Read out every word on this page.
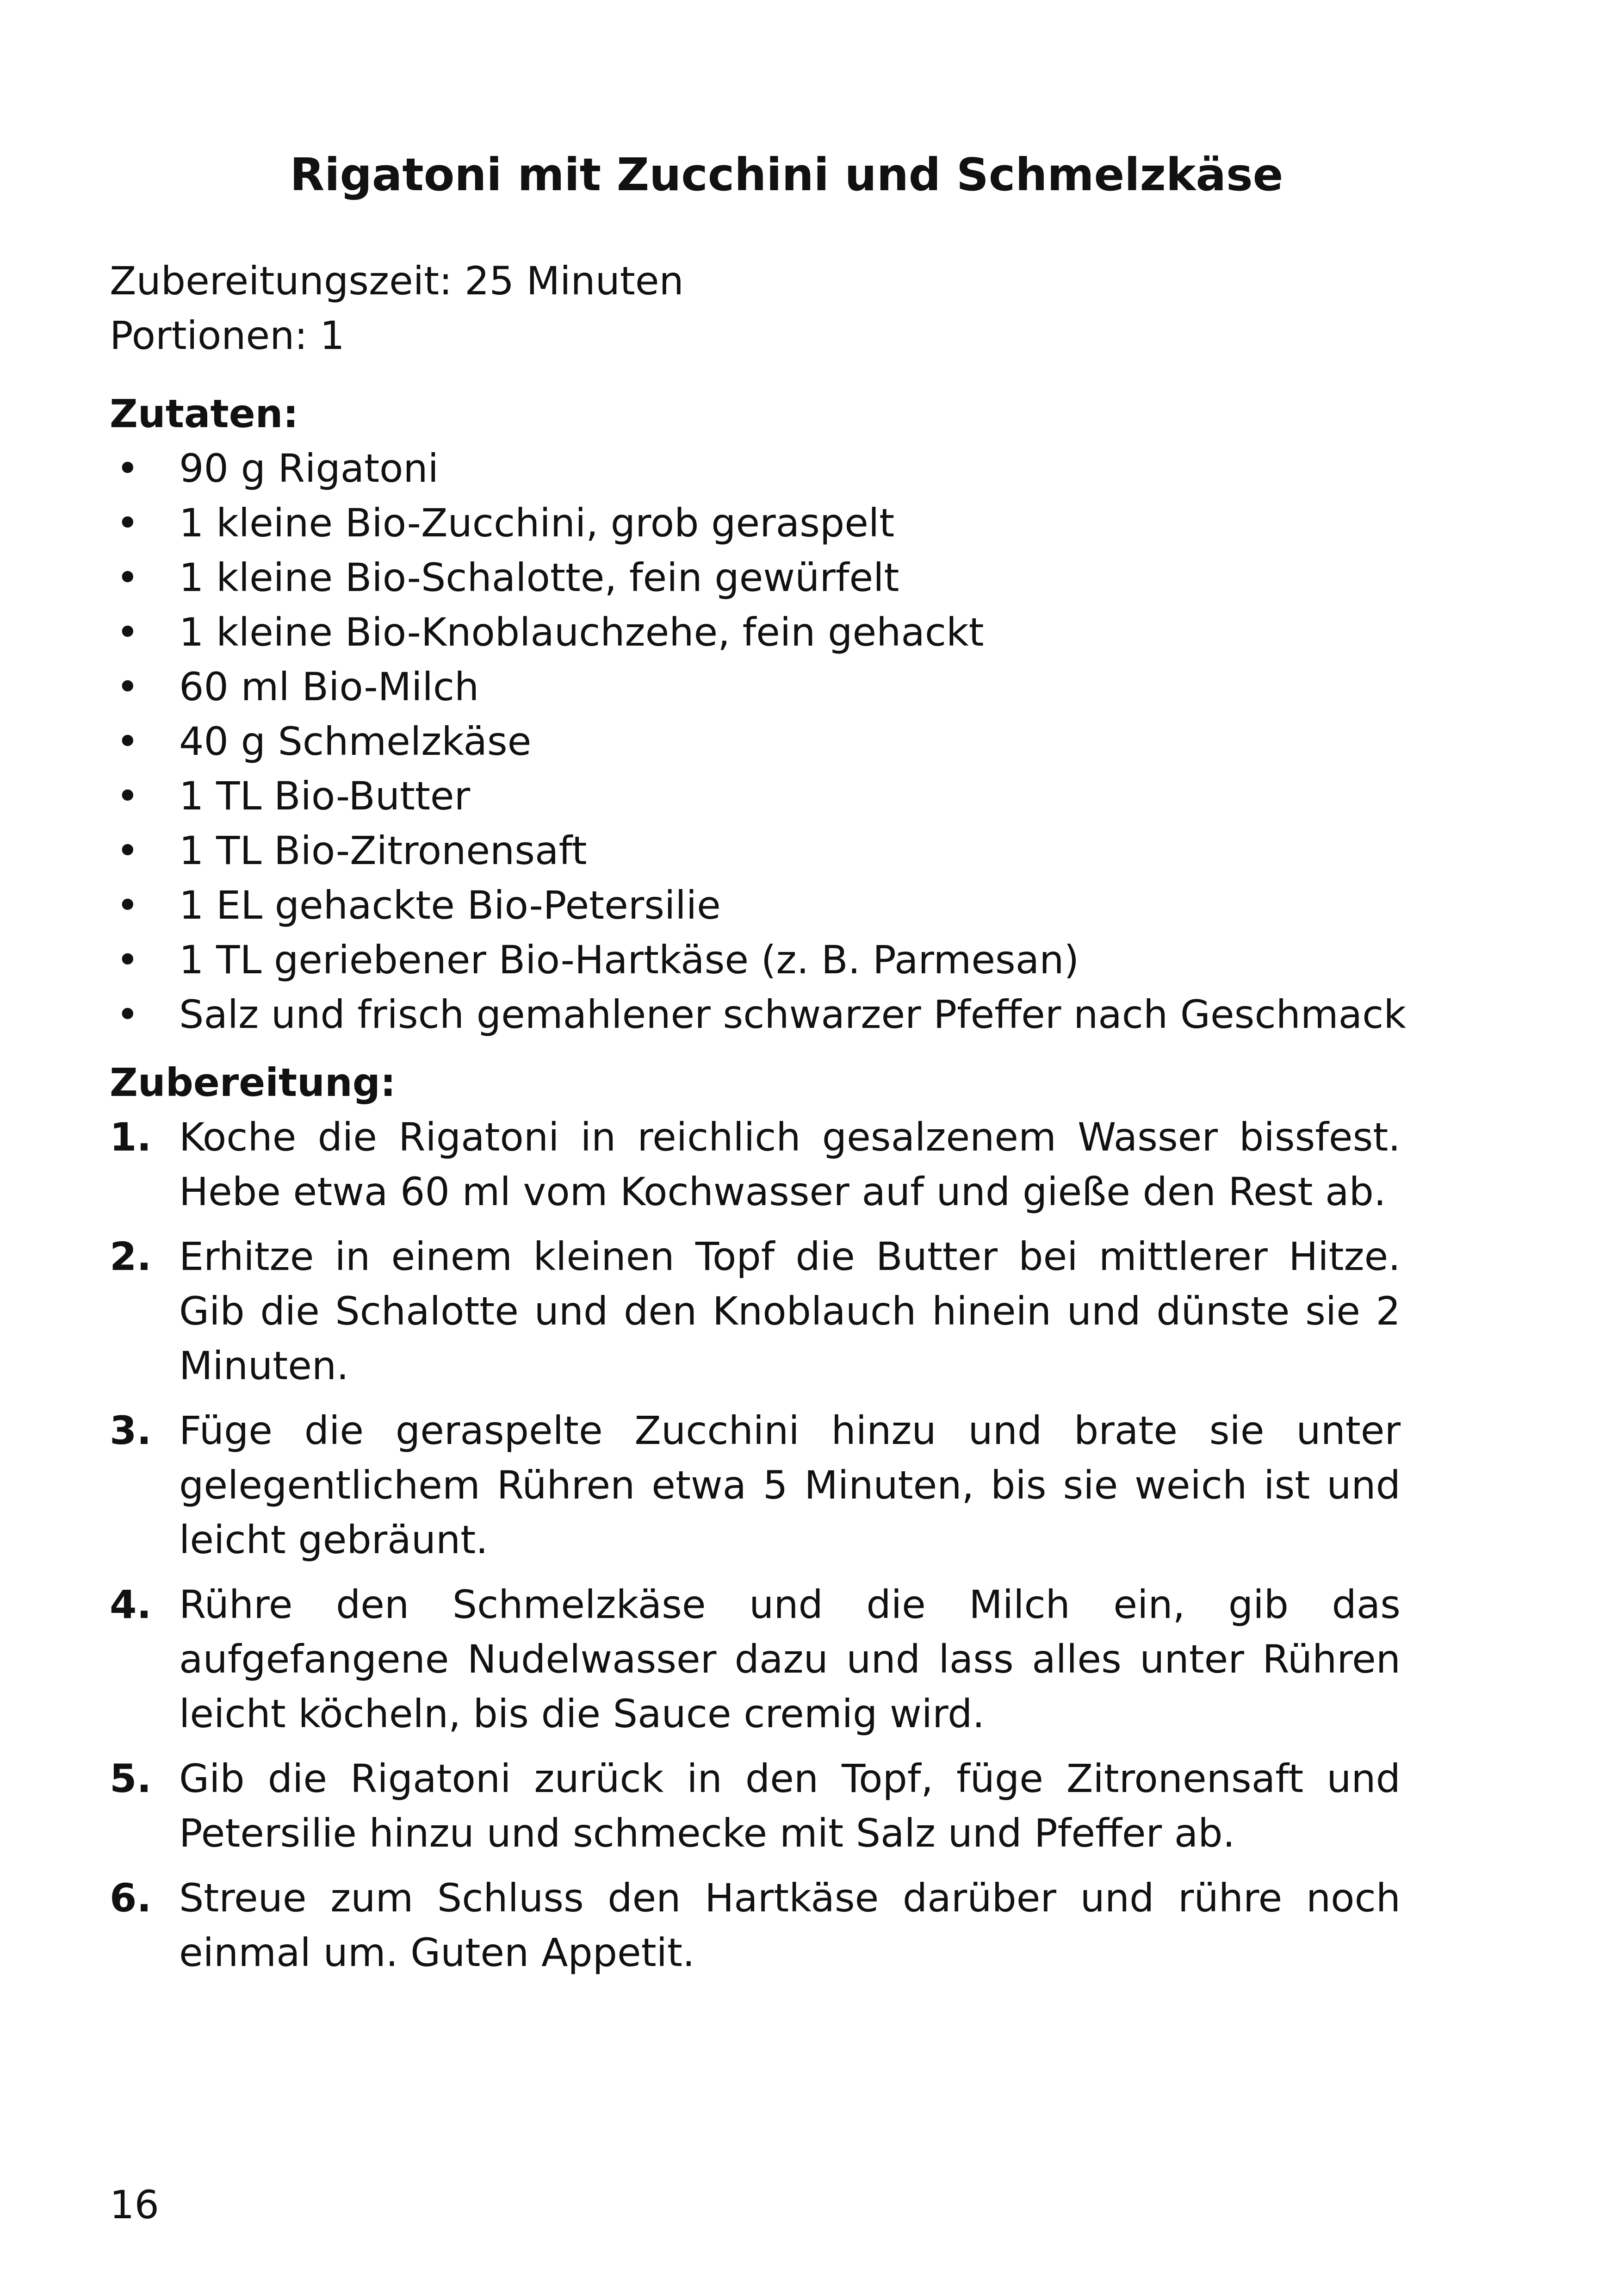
Rigatoni mit Zucchini und Schmelzkäse
Zubereitungszeit: 25 Minuten
Portionen: 1
Zutaten:
• 90 g Rigatoni
• 1 kleine Bio-Zucchini, grob geraspelt
• 1 kleine Bio-Schalotte, fein gewürfelt
• 1 kleine Bio-Knoblauchzehe, fein gehackt
• 60 ml Bio-Milch
• 40 g Schmelzkäse
• 1 TL Bio-Butter
• 1 TL Bio-Zitronensaft
• 1 EL gehackte Bio-Petersilie
• 1 TL geriebener Bio-Hartkäse (z. B. Parmesan)
• Salz und frisch gemahlener schwarzer Pfeffer nach Geschmack
Zubereitung:
1. Koche die Rigatoni in reichlich gesalzenem Wasser bissfest. Hebe etwa 60 ml vom Kochwasser auf und gieße den Rest ab.
2. Erhitze in einem kleinen Topf die Butter bei mittlerer Hitze. Gib die Schalotte und den Knoblauch hinein und dünste sie 2 Minuten.
3. Füge die geraspelte Zucchini hinzu und brate sie unter gelegentlichem Rühren etwa 5 Minuten, bis sie weich ist und leicht gebräunt.
4. Rühre den Schmelzkäse und die Milch ein, gib das aufgefangene Nudelwasser dazu und lass alles unter Rühren leicht köcheln, bis die Sauce cremig wird.
5. Gib die Rigatoni zurück in den Topf, füge Zitronensaft und Petersilie hinzu und schmecke mit Salz und Pfeffer ab.
6. Streue zum Schluss den Hartkäse darüber und rühre noch einmal um. Guten Appetit.
16
